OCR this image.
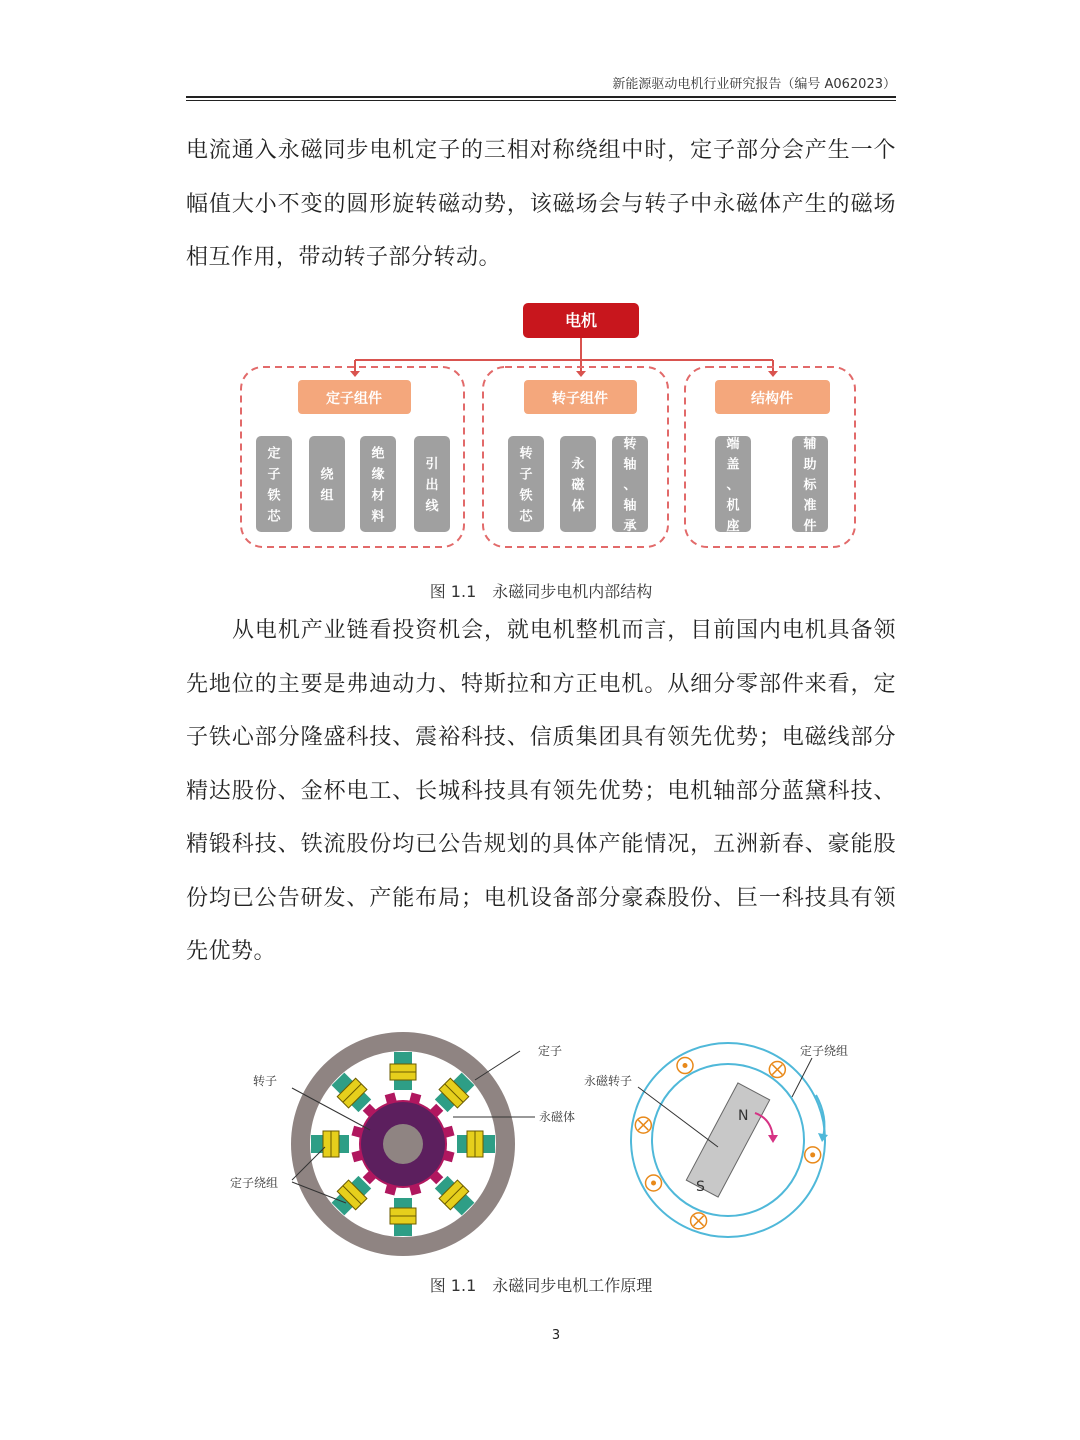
新能源驱动电机行业研究报告（编号 A062023）
电流通入永磁同步电机定子的三相对称绕组中时，定子部分会产生一个幅值大小不变的圆形旋转磁动势，该磁场会与转子中永磁体产生的磁场相互作用，带动转子部分转动。
电机
定子组件	转子组件	结构件
定
子
铁
芯
绕
组
绝
缘
材
料
引
出
线
转
子
铁
芯
永
磁
体
转
轴
、
轴
承
端
盖
、
机
座
辅
助
标
准
件
图 1.1　永磁同步电机内部结构
从电机产业链看投资机会，就电机整机而言，目前国内电机具备领先地位的主要是弗迪动力、特斯拉和方正电机。从细分零部件来看，定子铁心部分隆盛科技、震裕科技、信质集团具有领先优势；电磁线部分精达股份、金杯电工、长城科技具有领先优势；电机轴部分蓝黛科技、精锻科技、铁流股份均已公告规划的具体产能情况，五洲新春、豪能股份均已公告研发、产能布局；电机设备部分豪森股份、巨一科技具有领先优势。
定子
转子
永磁体
定子绕组
N
S
永磁转子
定子绕组
图 1.1　永磁同步电机工作原理
3
